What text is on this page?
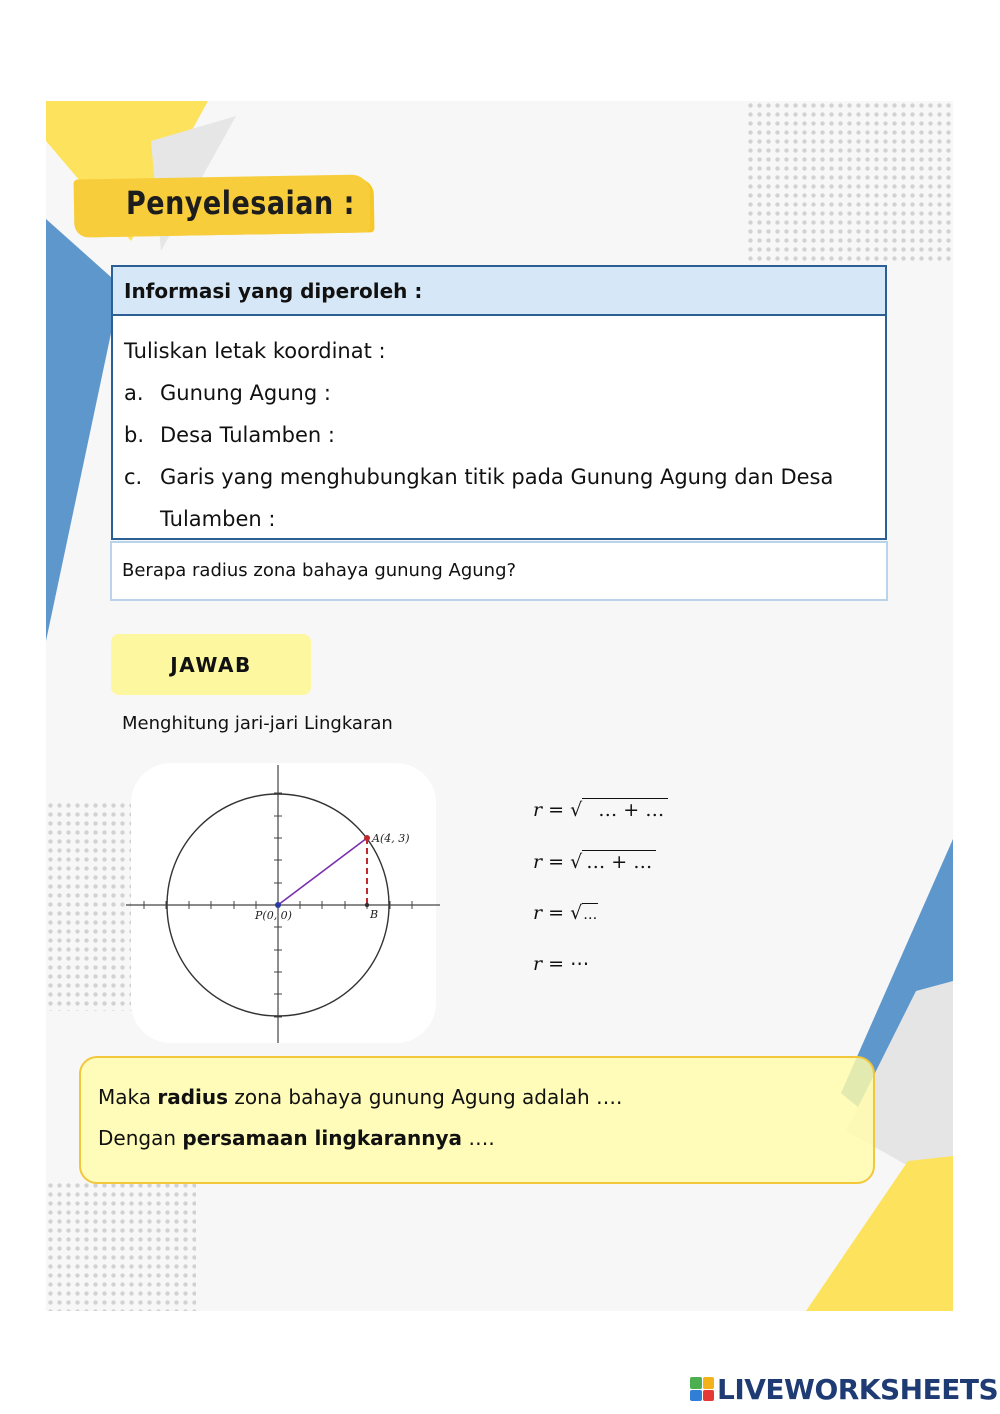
Penyelesaian :
Informasi yang diperoleh :
Tuliskan letak koordinat :
a. Gunung Agung :
b. Desa Tulamben :
c. Garis yang menghubungkan titik pada Gunung Agung dan Desa
Tulamben :
Berapa radius zona bahaya gunung Agung?
JAWAB
Menghitung jari-jari Lingkaran
A(4, 3)
P(0, 0)	B
r = √ … + …
r = √ … + …
r = √…
r = ⋯
Maka radius zona bahaya gunung Agung adalah ….
Dengan persamaan lingkarannya ….
LIVEWORKSHEETS
